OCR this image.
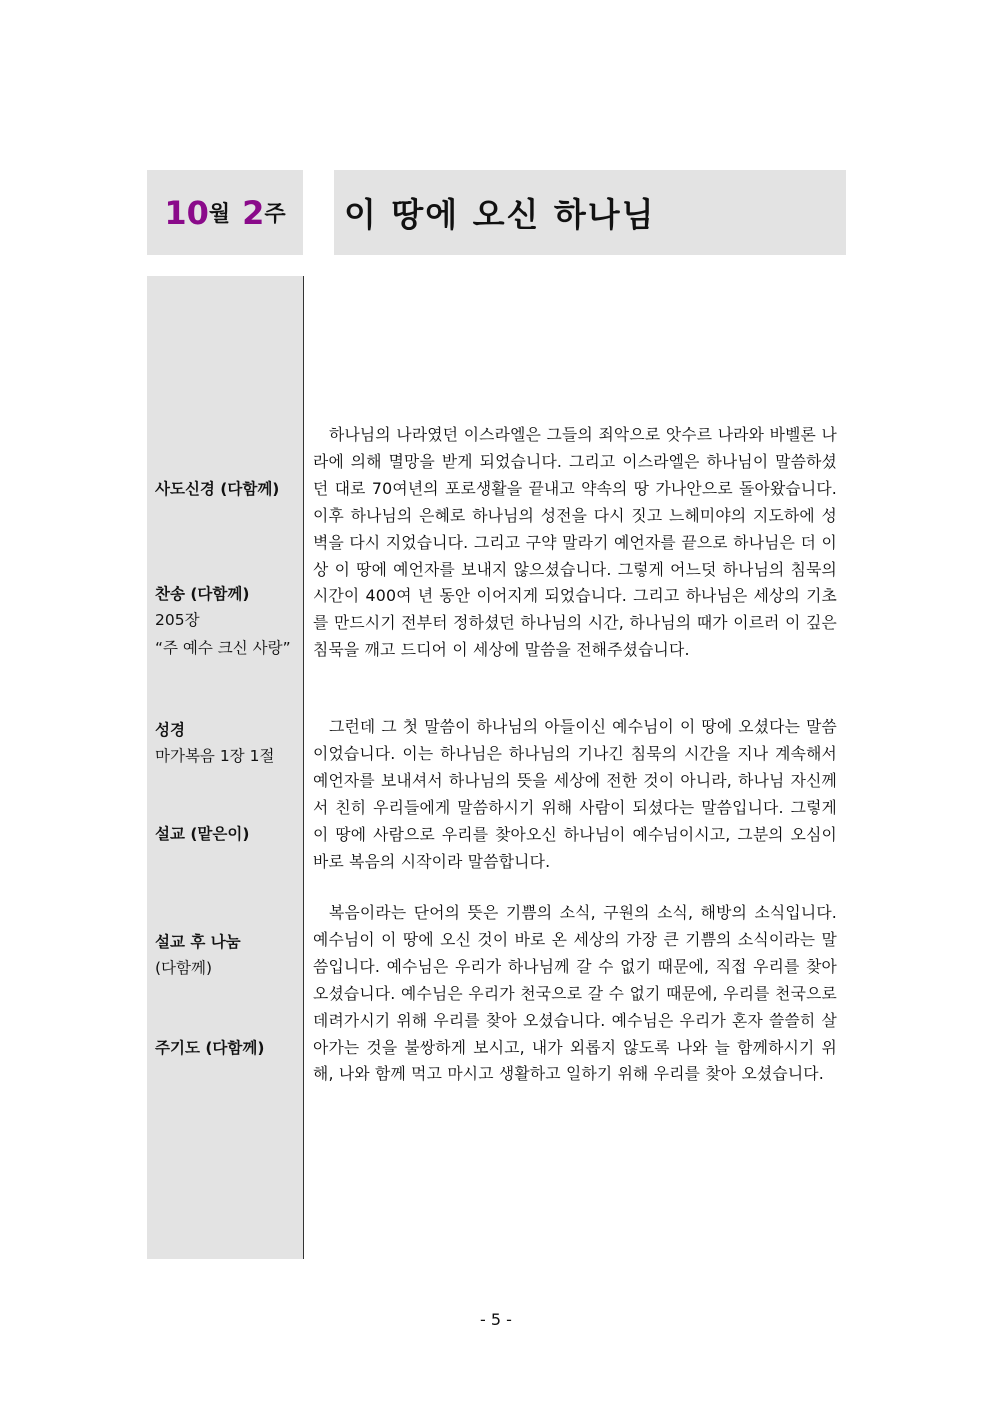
10 월 2 주 이 땅에 오신 하나님
사도신경 (다함께)
찬송 (다함께)
205장
“주 예수 크신 사랑”
성경
마가복음 1장 1절
설교 (맡은이)
설교 후 나눔
(다함께)
주기도 (다함께)

하나님의 나라였던 이스라엘은 그들의 죄악으로 앗수르 나라와 바벨론 나라에 의해 멸망을 받게 되었습니다. 그리고 이스라엘은 하나님이 말씀하셨던 대로 70여년의 포로생활을 끝내고 약속의 땅 가나안으로 돌아왔습니다. 이후 하나님의 은혜로 하나님의 성전을 다시 짓고 느헤미야의 지도하에 성벽을 다시 지었습니다. 그리고 구약 말라기 예언자를 끝으로 하나님은 더 이상 이 땅에 예언자를 보내지 않으셨습니다. 그렇게 어느덧 하나님의 침묵의 시간이 400여 년 동안 이어지게 되었습니다. 그리고 하나님은 세상의 기초를 만드시기 전부터 정하셨던 하나님의 시간, 하나님의 때가 이르러 이 깊은 침묵을 깨고 드디어 이 세상에 말씀을 전해주셨습니다.

그런데 그 첫 말씀이 하나님의 아들이신 예수님이 이 땅에 오셨다는 말씀이었습니다. 이는 하나님은 하나님의 기나긴 침묵의 시간을 지나 계속해서 예언자를 보내셔서 하나님의 뜻을 세상에 전한 것이 아니라, 하나님 자신께서 친히 우리들에게 말씀하시기 위해 사람이 되셨다는 말씀입니다. 그렇게 이 땅에 사람으로 우리를 찾아오신 하나님이 예수님이시고, 그분의 오심이 바로 복음의 시작이라 말씀합니다.

복음이라는 단어의 뜻은 기쁨의 소식, 구원의 소식, 해방의 소식입니다. 예수님이 이 땅에 오신 것이 바로 온 세상의 가장 큰 기쁨의 소식이라는 말씀입니다. 예수님은 우리가 하나님께 갈 수 없기 때문에, 직접 우리를 찾아 오셨습니다. 예수님은 우리가 천국으로 갈 수 없기 때문에, 우리를 천국으로 데려가시기 위해 우리를 찾아 오셨습니다. 예수님은 우리가 혼자 쓸쓸히 살아가는 것을 불쌍하게 보시고, 내가 외롭지 않도록 나와 늘 함께하시기 위해, 나와 함께 먹고 마시고 생활하고 일하기 위해 우리를 찾아 오셨습니다.

- 5 -
